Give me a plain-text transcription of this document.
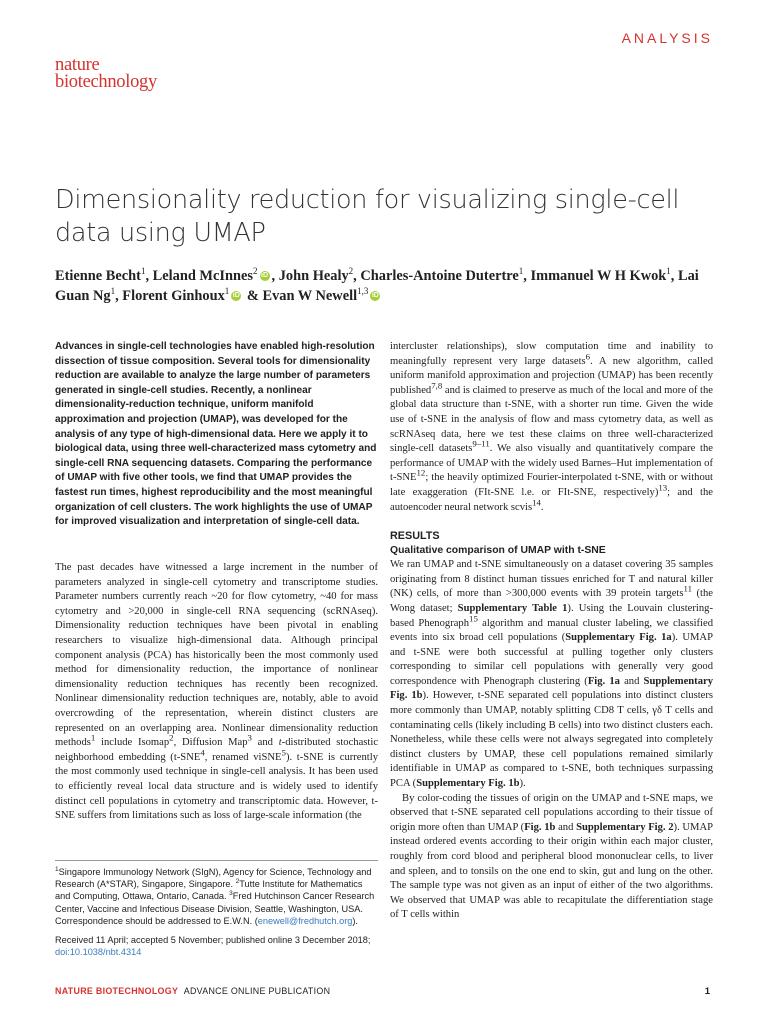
ANALYSIS
nature
biotechnology
Dimensionality reduction for visualizing single-cell data using UMAP
Etienne Becht$^1$, Leland McInnes$^2$ iD , John Healy$^2$, Charles-Antoine Dutertre$^1$, Immanuel W H Kwok$^1$, Lai Guan Ng$^1$, Florent Ginhoux$^1$ iD & Evan W Newell$^{1,3}$ iD
Advances in single-cell technologies have enabled high-resolution dissection of tissue composition. Several tools for dimensionality reduction are available to analyze the large number of parameters generated in single-cell studies. Recently, a nonlinear dimensionality-reduction technique, uniform manifold approximation and projection (UMAP), was developed for the analysis of any type of high-dimensional data. Here we apply it to biological data, using three well-characterized mass cytometry and single-cell RNA sequencing datasets. Comparing the performance of UMAP with five other tools, we find that UMAP provides the fastest run times, highest reproducibility and the most meaningful organization of cell clusters. The work highlights the use of UMAP for improved visualization and interpretation of single-cell data.

The past decades have witnessed a large increment in the number of parameters analyzed in single-cell cytometry and transcriptome studies. Parameter numbers currently reach ~20 for flow cytometry, ~40 for mass cytometry and >20,000 in single-cell RNA sequencing (scRNAseq). Dimensionality reduction techniques have been pivotal in enabling researchers to visualize high-dimensional data. Although principal component analysis (PCA) has historically been the most commonly used method for dimensionality reduction, the importance of nonlinear dimensionality reduction techniques has recently been recognized. Nonlinear dimensionality reduction techniques are, notably, able to avoid overcrowding of the representation, wherein distinct clusters are represented on an overlapping area. Nonlinear dimensionality reduction methods$^1$ include Isomap$^2$, Diffusion Map$^3$ and t-distributed stochastic neighborhood embedding (t-SNE$^4$, renamed viSNE$^5$). t-SNE is currently the most commonly used technique in single-cell analysis. It has been used to efficiently reveal local data structure and is widely used to identify distinct cell populations in cytometry and transcriptomic data. However, t-SNE suffers from limitations such as loss of large-scale information (the

intercluster relationships), slow computation time and inability to meaningfully represent very large datasets$^6$. A new algorithm, called uniform manifold approximation and projection (UMAP) has been recently published$^{7,8}$ and is claimed to preserve as much of the local and more of the global data structure than t-SNE, with a shorter run time. Given the wide use of t-SNE in the analysis of flow and mass cytometry data, as well as scRNAseq data, here we test these claims on three well-characterized single-cell datasets$^{9-11}$. We also visually and quantitatively compare the performance of UMAP with the widely used Barnes–Hut implementation of t-SNE$^{12}$; the heavily optimized Fourier-interpolated t-SNE, with or without late exaggeration (FIt-SNE l.e. or FIt-SNE, respectively)$^{13}$; and the autoencoder neural network scvis$^{14}$.

RESULTS

Qualitative comparison of UMAP with t-SNE

We ran UMAP and t-SNE simultaneously on a dataset covering 35 samples originating from 8 distinct human tissues enriched for T and natural killer (NK) cells, of more than >300,000 events with 39 protein targets$^{11}$ (the Wong dataset; Supplementary Table 1). Using the Louvain clustering-based Phenograph$^{15}$ algorithm and manual cluster labeling, we classified events into six broad cell populations (Supplementary Fig. 1a). UMAP and t-SNE were both successful at pulling together only clusters corresponding to similar cell populations with generally very good correspondence with Phenograph clustering (Fig. 1a and Supplementary Fig. 1b). However, t-SNE separated cell populations into distinct clusters more commonly than UMAP, notably splitting CD8 T cells, γδ T cells and contaminating cells (likely including B cells) into two distinct clusters each. Nonetheless, while these cells were not always segregated into completely distinct clusters by UMAP, these cell populations remained similarly identifiable in UMAP as compared to t-SNE, both techniques surpassing PCA (Supplementary Fig. 1b).

By color-coding the tissues of origin on the UMAP and t-SNE maps, we observed that t-SNE separated cell populations according to their tissue of origin more often than UMAP (Fig. 1b and Supplementary Fig. 2). UMAP instead ordered events according to their origin within each major cluster, roughly from cord blood and peripheral blood mononuclear cells, to liver and spleen, and to tonsils on the one end to skin, gut and lung on the other. The sample type was not given as an input of either of the two algorithms. We observed that UMAP was able to recapitulate the differentiation stage of T cells within

$^1$Singapore Immunology Network (SIgN), Agency for Science, Technology and Research (A*STAR), Singapore, Singapore. $^2$Tutte Institute for Mathematics and Computing, Ottawa, Ontario, Canada. $^3$Fred Hutchinson Cancer Research Center, Vaccine and Infectious Disease Division, Seattle, Washington, USA. Correspondence should be addressed to E.W.N. (enewell@fredhutch.org).
Received 11 April; accepted 5 November; published online 3 December 2018;
doi:10.1038/nbt.4314
NATURE BIOTECHNOLOGY ADVANCE ONLINE PUBLICATION	1
